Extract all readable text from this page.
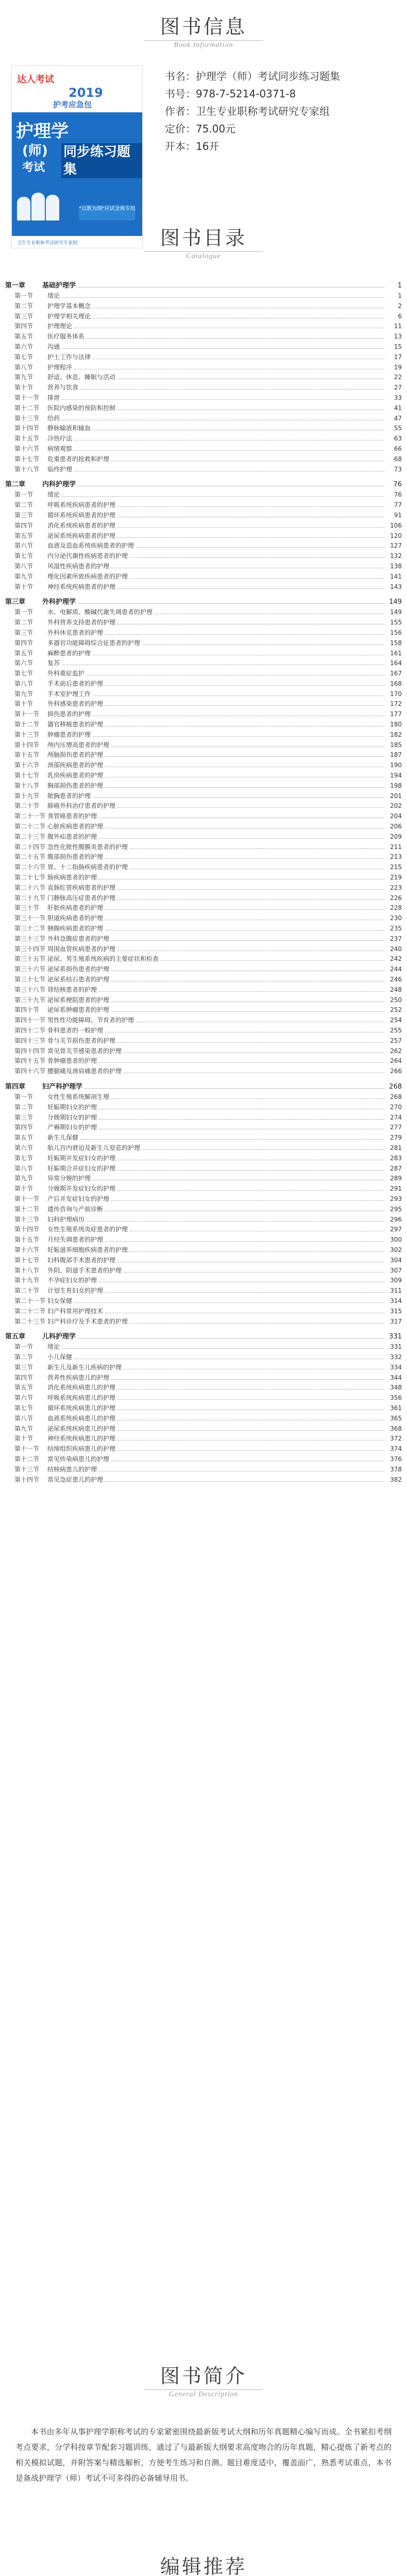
图书信息
Book Information
达人考试
2019
护考应急包
护理学
(师)
考试
同步练习题集
"以教为纲"应试金典专用
卫生专业职称考试研究专家组
书名：护理学（师）考试同步练习题集
书号：978-7-5214-0371-8
作者：卫生专业职称考试研究专家组
定价：75.00元
开本：16开
图书目录
Catalogue
第一章	基础护理学	1
第一节	绪论	1
第二节	护理学基本概念	2
第三节	护理学相关理论	6
第四节	护理理论	11
第五节	医疗服务体系	13
第六节	沟通	15
第七节	护士工作与法律	17
第八节	护理程序	19
第九节	舒适、休息、睡眠与活动	22
第十节	营养与饮食	27
第十一节	排泄	33
第十二节	医院内感染的预防和控制	41
第十三节	给药	47
第十四节	静脉输液和输血	55
第十五节	冷热疗法	63
第十六节	病情观察	66
第十七节	危重患者的抢救和护理	68
第十八节	临终护理	73
第二章	内科护理学	76
第一节	绪论	76
第二节	呼吸系统疾病患者的护理	77
第三节	循环系统疾病患者的护理	91
第四节	消化系统疾病患者的护理	106
第五节	泌尿系统疾病患者的护理	120
第六节	血液及造血系统疾病患者的护理	127
第七节	内分泌代谢性疾病患者的护理	132
第八节	风湿性疾病患者的护理	138
第九节	理化因素所致疾病患者的护理	141
第十节	神经系统疾病患者的护理	143
第三章	外科护理学	149
第一节	水、电解质、酸碱代谢失调患者的护理	149
第二节	外科营养支持患者的护理	155
第三节	外科休克患者的护理	156
第四节	多器官功能障碍综合征患者的护理	158
第五节	麻醉患者的护理	161
第六节	复苏	164
第七节	外科重症监护	167
第八节	手术前后患者的护理	168
第九节	手术室护理工作	170
第十节	外科感染患者的护理	172
第十一节	损伤患者的护理	177
第十二节	器官移植患者的护理	180
第十三节	肿瘤患者的护理	182
第十四节	颅内压增高患者的护理	185
第十五节	颅脑损伤患者的护理	187
第十六节	颈部疾病患者的护理	190
第十七节	乳房疾病患者的护理	194
第十八节	胸部损伤患者的护理	198
第十九节	脓胸患者的护理	201
第二十节	肺癌外科治疗患者的护理	202
第二十一节 食管癌患者的护理	204
第二十二节 心脏疾病患者的护理	206
第二十三节 腹外疝患者的护理	209
第二十四节 急性化脓性腹膜炎患者的护理	211
第二十五节 腹部损伤患者的护理	213
第二十六节 胃、十二指肠疾病患者的护理	215
第二十七节 肠疾病患者的护理	219
第二十八节 直肠肛管疾病患者的护理	223
第二十九节 门静脉高压症患者的护理	226
第三十节	肝脏疾病患者的护理	228
第三十一节 胆道疾病患者的护理	230
第三十二节 胰腺疾病患者的护理	235
第三十三节 外科急腹症患者的护理	237
第三十四节 周围血管疾病患者的护理	240
第三十五节 泌尿、男生殖系统疾病的主要症状和检查	242
第三十六节 泌尿系损伤患者的护理	244
第三十七节 泌尿系结石患者的护理	246
第三十八节 肾结核患者的护理	248
第三十九节 泌尿系梗阻患者的护理	250
第四十节	泌尿系肿瘤患者的护理	252
第四十一节 男性性功能障碍、节育者的护理	254
第四十二节 骨科患者的一般护理	255
第四十三节 骨与关节损伤患者的护理	257
第四十四节 常见骨关节感染患者的护理	262
第四十五节 骨肿瘤患者的护理	264
第四十六节 腰腿痛及颈肩痛患者的护理	266
第四章	妇产科护理学	268
第一节	女性生殖系统解剖生理	268
第二节	妊娠期妇女的护理	270
第三节	分娩期妇女的护理	274
第四节	产褥期妇女的护理	277
第五节	新生儿保健	279
第六节	胎儿宫内窘迫及新生儿窒息的护理	281
第七节	妊娠期并发症妇女的护理	283
第八节	妊娠期合并症妇女的护理	287
第九节	异常分娩的护理	289
第十节	分娩期并发症妇女的护理	291
第十一节	产后并发症妇女的护理	293
第十二节	遗传咨询与产前诊断	295
第十三节	妇科护理病历	296
第十四节	女性生殖系统炎症患者的护理	297
第十五节	月经失调患者的护理	300
第十六节	妊娠滋养细胞疾病患者的护理	302
第十七节	妇科腹部手术患者的护理	304
第十八节	外阴、阴道手术患者的护理	307
第十九节	不孕症妇女的护理	309
第二十节	计划生育妇女的护理	311
第二十一节 妇女保健	314
第二十二节 妇产科常用护理技术	315
第二十三节 妇产科诊疗及手术患者的护理	317
第五章	儿科护理学	331
第一节	绪论	331
第二节	小儿保健	332
第三节	新生儿及新生儿疾病的护理	334
第四节	营养性疾病患儿的护理	344
第五节	消化系统疾病患儿的护理	348
第六节	呼吸系统疾病患儿的护理	356
第七节	循环系统疾病患儿的护理	361
第八节	血液系统疾病患儿的护理	365
第九节	泌尿系统疾病患儿的护理	368
第十节	神经系统疾病患儿的护理	372
第十一节	结缔组织疾病患儿的护理	374
第十二节	常见传染病患儿的护理	376
第十三节	结核病患儿的护理	378
第十四节	常见急症患儿的护理	382
图书简介
General Description

本书由多年从事护理学职称考试的专家紧密围绕最新版考试大纲和历年真题精心编写而成。全书紧扣考纲考点要求，分学科按章节配套习题训练，通过了与最新版大纲要求高度吻合的历年真题，精心提炼了新考点的相关模拟试题，并附答案与精选解析，方便考生练习和自测。题目难度适中，覆盖面广，熟悉考试重点，本书是备战护理学（师）考试不可多得的必备辅导用书。

编辑推荐
